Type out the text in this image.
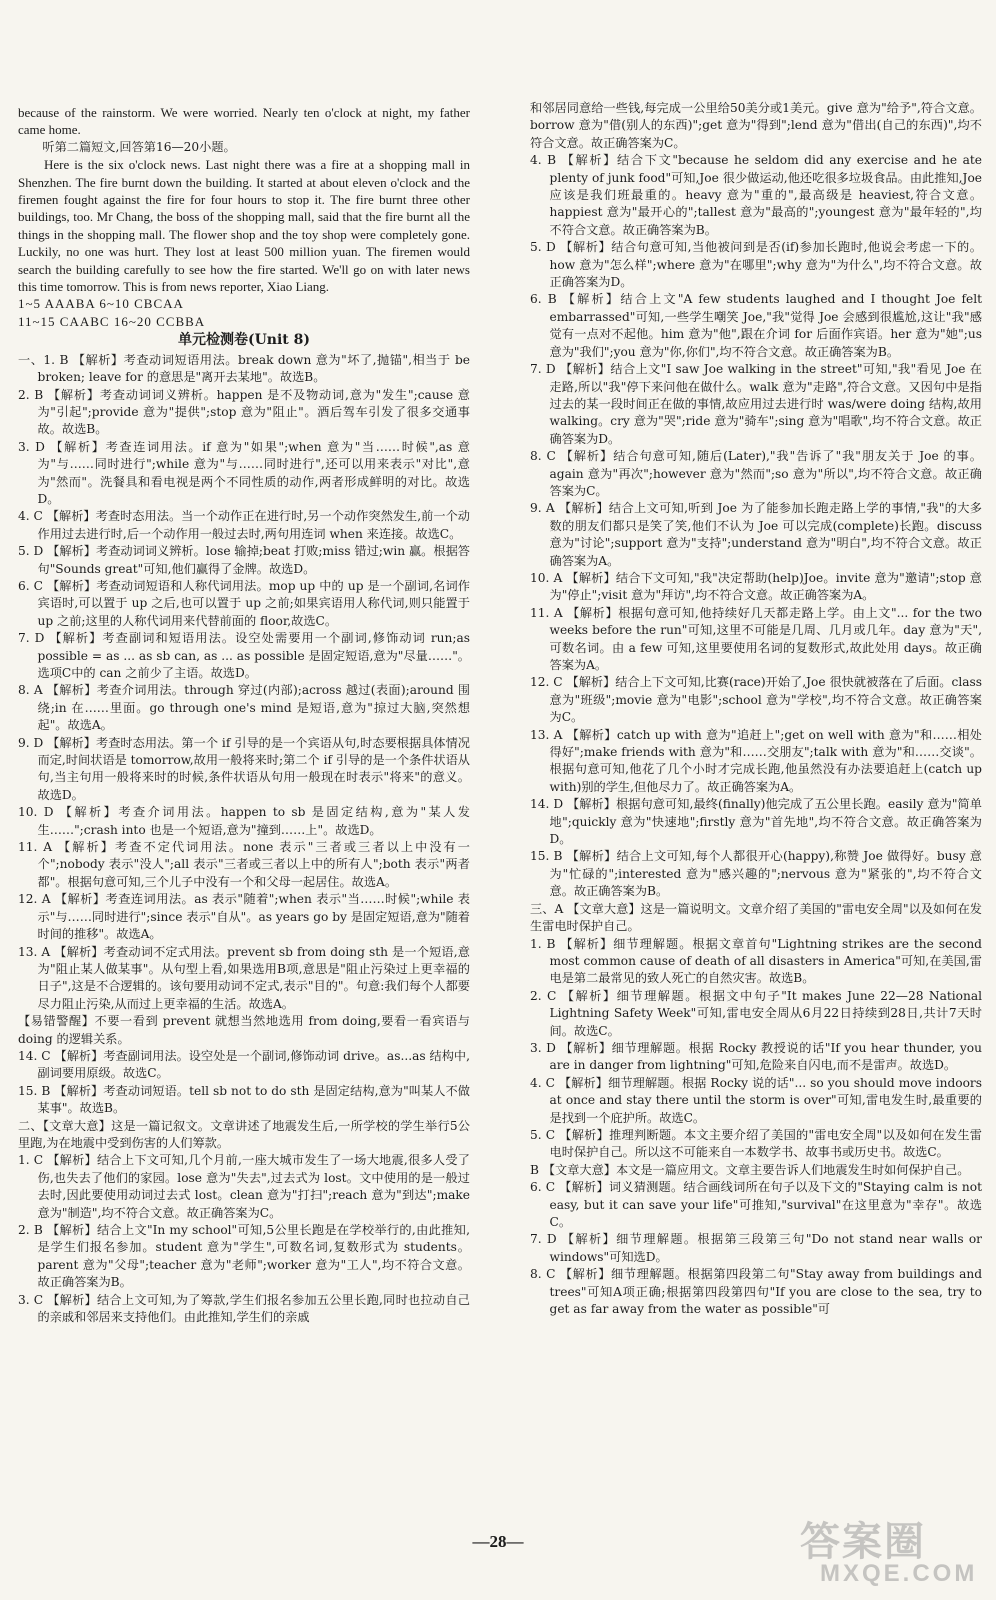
because of the rainstorm. We were worried. Nearly ten o'clock at night, my father came home.

听第二篇短文,回答第16—20小题。

Here is the six o'clock news. Last night there was a fire at a shopping mall in Shenzhen. The fire burnt down the building. It started at about eleven o'clock and the firemen fought against the fire for four hours to stop it. The fire burnt three other buildings, too. Mr Chang, the boss of the shopping mall, said that the fire burnt all the things in the shopping mall. The flower shop and the toy shop were completely gone. Luckily, no one was hurt. They lost at least 500 million yuan. The firemen would search the building carefully to see how the fire started. We'll go on with later news this time tomorrow. This is from news reporter, Xiao Liang.

1~5 AAABA 6~10 CBCAA

11~15 CAABC 16~20 CCBBA

单元检测卷(Unit 8)

一、1. B 【解析】考查动词短语用法。break down 意为"坏了,抛锚",相当于 be broken; leave for 的意思是"离开去某地"。故选B。

2. B 【解析】考查动词词义辨析。happen 是不及物动词,意为"发生";cause 意为"引起";provide 意为"提供";stop 意为"阻止"。酒后驾车引发了很多交通事故。故选B。

3. D 【解析】考查连词用法。if 意为"如果";when 意为"当……时候",as 意为"与……同时进行";while 意为"与……同时进行",还可以用来表示"对比",意为"然而"。洗餐具和看电视是两个不同性质的动作,两者形成鲜明的对比。故选D。

4. C 【解析】考查时态用法。当一个动作正在进行时,另一个动作突然发生,前一个动作用过去进行时,后一个动作用一般过去时,两句用连词 when 来连接。故选C。

5. D 【解析】考查动词词义辨析。lose 输掉;beat 打败;miss 错过;win 赢。根据答句"Sounds great"可知,他们赢得了金牌。故选D。

6. C 【解析】考查动词短语和人称代词用法。mop up 中的 up 是一个副词,名词作宾语时,可以置于 up 之后,也可以置于 up 之前;如果宾语用人称代词,则只能置于 up 之前;这里的人称代词用来代替前面的 floor,故选C。

7. D 【解析】考查副词和短语用法。设空处需要用一个副词,修饰动词 run;as possible = as ... as sb can, as ... as possible 是固定短语,意为"尽量……"。选项C中的 can 之前少了主语。故选D。

8. A 【解析】考查介词用法。through 穿过(内部);across 越过(表面);around 围绕;in 在……里面。go through one's mind 是短语,意为"掠过大脑,突然想起"。故选A。

9. D 【解析】考查时态用法。第一个 if 引导的是一个宾语从句,时态要根据具体情况而定,时间状语是 tomorrow,故用一般将来时;第二个 if 引导的是一个条件状语从句,当主句用一般将来时的时候,条件状语从句用一般现在时表示"将来"的意义。故选D。

10. D 【解析】考查介词用法。happen to sb 是固定结构,意为"某人发生……";crash into 也是一个短语,意为"撞到……上"。故选D。

11. A 【解析】考查不定代词用法。none 表示"三者或三者以上中没有一个";nobody 表示"没人";all 表示"三者或三者以上中的所有人";both 表示"两者都"。根据句意可知,三个儿子中没有一个和父母一起居住。故选A。

12. A 【解析】考查连词用法。as 表示"随着";when 表示"当……时候";while 表示"与……同时进行";since 表示"自从"。as years go by 是固定短语,意为"随着时间的推移"。故选A。

13. A 【解析】考查动词不定式用法。prevent sb from doing sth 是一个短语,意为"阻止某人做某事"。从句型上看,如果选用B项,意思是"阻止污染过上更幸福的日子",这是不合逻辑的。该句要用动词不定式,表示"目的"。句意:我们每个人都要尽力阻止污染,从而过上更幸福的生活。故选A。

【易错警醒】不要一看到 prevent 就想当然地选用 from doing,要看一看宾语与 doing 的逻辑关系。

14. C 【解析】考查副词用法。设空处是一个副词,修饰动词 drive。as...as 结构中,副词要用原级。故选C。

15. B 【解析】考查动词短语。tell sb not to do sth 是固定结构,意为"叫某人不做某事"。故选B。

二、【文章大意】这是一篇记叙文。文章讲述了地震发生后,一所学校的学生举行5公里跑,为在地震中受到伤害的人们筹款。

1. C 【解析】结合上下文可知,几个月前,一座大城市发生了一场大地震,很多人受了伤,也失去了他们的家园。lose 意为"失去",过去式为 lost。文中使用的是一般过去时,因此要使用动词过去式 lost。clean 意为"打扫";reach 意为"到达";make 意为"制造",均不符合文意。故正确答案为C。

2. B 【解析】结合上文"In my school"可知,5公里长跑是在学校举行的,由此推知,是学生们报名参加。student 意为"学生",可数名词,复数形式为 students。parent 意为"父母";teacher 意为"老师";worker 意为"工人",均不符合文意。故正确答案为B。

3. C 【解析】结合上文可知,为了筹款,学生们报名参加五公里长跑,同时也拉动自己的亲戚和邻居来支持他们。由此推知,学生们的亲戚

和邻居同意给一些钱,每完成一公里给50美分或1美元。give 意为"给予",符合文意。borrow 意为"借(别人的东西)";get 意为"得到";lend 意为"借出(自己的东西)",均不符合文意。故正确答案为C。

4. B 【解析】结合下文"because he seldom did any exercise and he ate plenty of junk food"可知,Joe 很少做运动,他还吃很多垃圾食品。由此推知,Joe 应该是我们班最重的。heavy 意为"重的",最高级是 heaviest,符合文意。happiest 意为"最开心的";tallest 意为"最高的";youngest 意为"最年轻的",均不符合文意。故正确答案为B。

5. D 【解析】结合句意可知,当他被问到是否(if)参加长跑时,他说会考虑一下的。how 意为"怎么样";where 意为"在哪里";why 意为"为什么",均不符合文意。故正确答案为D。

6. B 【解析】结合上文"A few students laughed and I thought Joe felt embarrassed"可知,一些学生嘲笑 Joe,"我"觉得 Joe 会感到很尴尬,这让"我"感觉有一点对不起他。him 意为"他",跟在介词 for 后面作宾语。her 意为"她";us 意为"我们";you 意为"你,你们",均不符合文意。故正确答案为B。

7. D 【解析】结合上文"I saw Joe walking in the street"可知,"我"看见 Joe 在走路,所以"我"停下来问他在做什么。walk 意为"走路",符合文意。又因句中是指过去的某一段时间正在做的事情,故应用过去进行时 was/were doing 结构,故用 walking。cry 意为"哭";ride 意为"骑车";sing 意为"唱歌",均不符合文意。故正确答案为D。

8. C 【解析】结合句意可知,随后(Later),"我"告诉了"我"朋友关于 Joe 的事。again 意为"再次";however 意为"然而";so 意为"所以",均不符合文意。故正确答案为C。

9. A 【解析】结合上文可知,听到 Joe 为了能参加长跑走路上学的事情,"我"的大多数的朋友们都只是笑了笑,他们不认为 Joe 可以完成(complete)长跑。discuss 意为"讨论";support 意为"支持";understand 意为"明白",均不符合文意。故正确答案为A。

10. A 【解析】结合下文可知,"我"决定帮助(help)Joe。invite 意为"邀请";stop 意为"停止";visit 意为"拜访",均不符合文意。故正确答案为A。

11. A 【解析】根据句意可知,他持续好几天都走路上学。由上文"... for the two weeks before the run"可知,这里不可能是几周、几月或几年。day 意为"天",可数名词。由 a few 可知,这里要使用名词的复数形式,故此处用 days。故正确答案为A。

12. C 【解析】结合上下文可知,比赛(race)开始了,Joe 很快就被落在了后面。class 意为"班级";movie 意为"电影";school 意为"学校",均不符合文意。故正确答案为C。

13. A 【解析】catch up with 意为"追赶上";get on well with 意为"和……相处得好";make friends with 意为"和……交朋友";talk with 意为"和……交谈"。根据句意可知,他花了几个小时才完成长跑,他虽然没有办法要追赶上(catch up with)别的学生,但他尽力了。故正确答案为A。

14. D 【解析】根据句意可知,最终(finally)他完成了五公里长跑。easily 意为"简单地";quickly 意为"快速地";firstly 意为"首先地",均不符合文意。故正确答案为D。

15. B 【解析】结合上文可知,每个人都很开心(happy),称赞 Joe 做得好。busy 意为"忙碌的";interested 意为"感兴趣的";nervous 意为"紧张的",均不符合文意。故正确答案为B。

三、A 【文章大意】这是一篇说明文。文章介绍了美国的"雷电安全周"以及如何在发生雷电时保护自己。

1. B 【解析】细节理解题。根据文章首句"Lightning strikes are the second most common cause of death of all disasters in America"可知,在美国,雷电是第二最常见的致人死亡的自然灾害。故选B。

2. C 【解析】细节理解题。根据文中句子"It makes June 22—28 National Lightning Safety Week"可知,雷电安全周从6月22日持续到28日,共计7天时间。故选C。

3. D 【解析】细节理解题。根据 Rocky 教授说的话"If you hear thunder, you are in danger from lightning"可知,危险来自闪电,而不是雷声。故选D。

4. C 【解析】细节理解题。根据 Rocky 说的话"... so you should move indoors at once and stay there until the storm is over"可知,雷电发生时,最重要的是找到一个庇护所。故选C。

5. C 【解析】推理判断题。本文主要介绍了美国的"雷电安全周"以及如何在发生雷电时保护自己。所以这不可能来自一本数学书、故事书或历史书。故选C。

B 【文章大意】本文是一篇应用文。文章主要告诉人们地震发生时如何保护自己。

6. C 【解析】词义猜测题。结合画线词所在句子以及下文的"Staying calm is not easy, but it can save your life"可推知,"survival"在这里意为"幸存"。故选C。

7. D 【解析】细节理解题。根据第三段第三句"Do not stand near walls or windows"可知选D。

8. C 【解析】细节理解题。根据第四段第二句"Stay away from buildings and trees"可知A项正确;根据第四段第四句"If you are close to the sea, try to get as far away from the water as possible"可

—28—	答案圈
MXQE.COM
